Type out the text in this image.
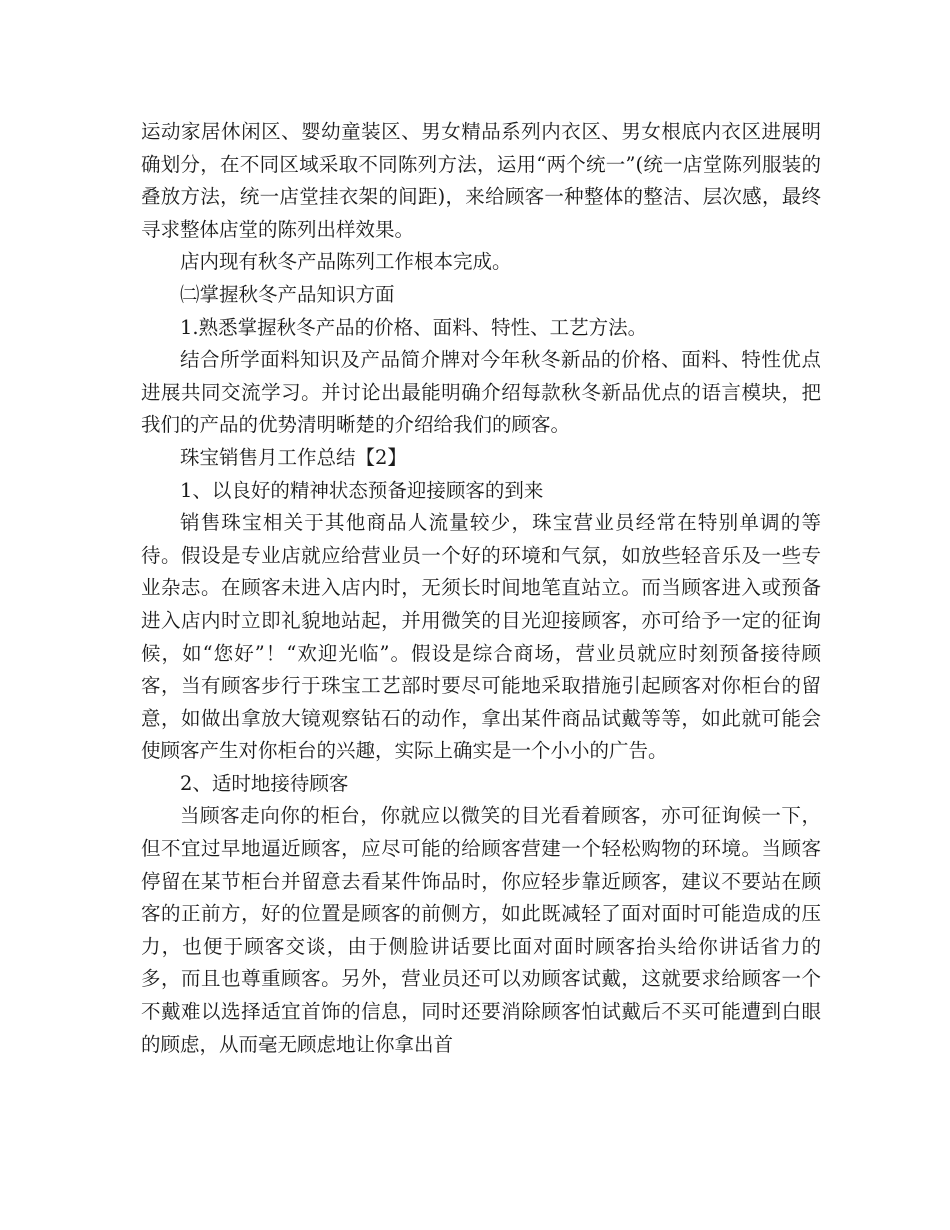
运动家居休闲区、婴幼童装区、男女精品系列内衣区、男女根底内衣区进展明确划分，在不同区域采取不同陈列方法，运用“两个统一”(统一店堂陈列服装的叠放方法，统一店堂挂衣架的间距)，来给顾客一种整体的整洁、层次感，最终寻求整体店堂的陈列出样效果。

店内现有秋冬产品陈列工作根本完成。

㈡掌握秋冬产品知识方面

1.熟悉掌握秋冬产品的价格、面料、特性、工艺方法。

结合所学面料知识及产品简介牌对今年秋冬新品的价格、面料、特性优点进展共同交流学习。并讨论出最能明确介绍每款秋冬新品优点的语言模块，把我们的产品的优势清明晰楚的介绍给我们的顾客。

珠宝销售月工作总结【2】

1、以良好的精神状态预备迎接顾客的到来

销售珠宝相关于其他商品人流量较少，珠宝营业员经常在特别单调的等待。假设是专业店就应给营业员一个好的环境和气氛，如放些轻音乐及一些专业杂志。在顾客未进入店内时，无须长时间地笔直站立。而当顾客进入或预备进入店内时立即礼貌地站起，并用微笑的目光迎接顾客，亦可给予一定的征询候，如“您好”！“欢迎光临”。假设是综合商场，营业员就应时刻预备接待顾客，当有顾客步行于珠宝工艺部时要尽可能地采取措施引起顾客对你柜台的留意，如做出拿放大镜观察钻石的动作，拿出某件商品试戴等等，如此就可能会使顾客产生对你柜台的兴趣，实际上确实是一个小小的广告。

2、适时地接待顾客

当顾客走向你的柜台，你就应以微笑的目光看着顾客，亦可征询候一下，但不宜过早地逼近顾客，应尽可能的给顾客营建一个轻松购物的环境。当顾客停留在某节柜台并留意去看某件饰品时，你应轻步靠近顾客，建议不要站在顾客的正前方，好的位置是顾客的前侧方，如此既减轻了面对面时可能造成的压力，也便于顾客交谈，由于侧脸讲话要比面对面时顾客抬头给你讲话省力的多，而且也尊重顾客。另外，营业员还可以劝顾客试戴，这就要求给顾客一个不戴难以选择适宜首饰的信息，同时还要消除顾客怕试戴后不买可能遭到白眼的顾虑，从而毫无顾虑地让你拿出首
